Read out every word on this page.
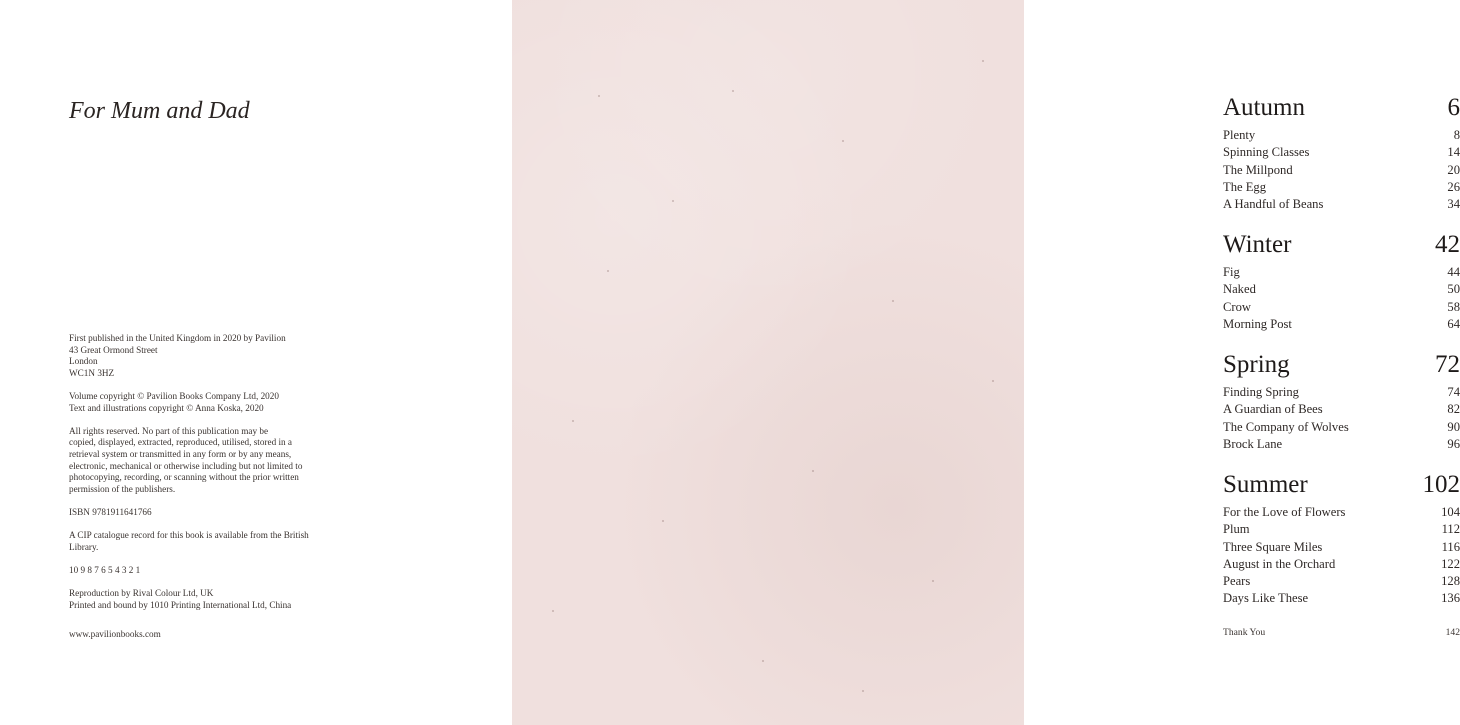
For Mum and Dad

First published in the United Kingdom in 2020 by Pavilion

43 Great Ormond Street

London

WC1N 3HZ

Volume copyright © Pavilion Books Company Ltd, 2020

Text and illustrations copyright © Anna Koska, 2020

All rights reserved. No part of this publication may be

copied, displayed, extracted, reproduced, utilised, stored in a

retrieval system or transmitted in any form or by any means,

electronic, mechanical or otherwise including but not limited to

photocopying, recording, or scanning without the prior written

permission of the publishers.

ISBN 9781911641766

A CIP catalogue record for this book is available from the British

Library.

10 9 8 7 6 5 4 3 2 1

Reproduction by Rival Colour Ltd, UK

Printed and bound by 1010 Printing International Ltd, China

www.pavilionbooks.com
Autumn	6
Plenty	8
Spinning Classes	14
The Millpond	20
The Egg	26
A Handful of Beans	34
Winter	42
Fig	44
Naked	50
Crow	58
Morning Post	64
Spring	72
Finding Spring	74
A Guardian of Bees	82
The Company of Wolves	90
Brock Lane	96
Summer	102
For the Love of Flowers	104
Plum	112
Three Square Miles	116
August in the Orchard	122
Pears	128
Days Like These	136
Thank You	142
